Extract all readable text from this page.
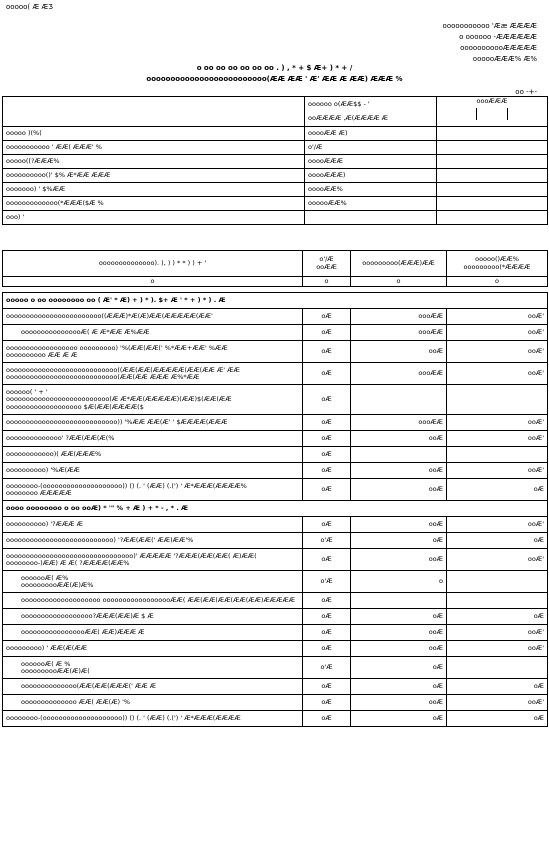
ооооо( Ӕ ӔӠ
ооооооооооо 'Ӕӕ ӔӔӔӔ
о оооооо -ӔӔӔӔӔӔ
ооооооооооӔӔӔӔӔ
оооооӔӔӔ% Ӕ%
о оо оо оо оо оо оо . ) , * + $ Ӕ+ ) * + /
ооооооооооооооооооооооооо(ӔӔ ӔӔ ' Ӕ' ӔӔ Ӕ ӔӔ) ӔӔӔ %
оо -+-

	оооооо о(ӔӔ$$ - '
ооӔӔӔӔ ,Ӕ(ӔӔӔӔ Ӕ	оооӔӔӔ

ооооо )(%(	ооооӔӔ Ӕ)	
ооооооооооо ' ӔӔ( ӔӔӔ' %	о'/Ӕ	
ооооо((?ӔӔӔ%	ооооӔӔӔ	
оооооооооо()' $% Ӕ*ӔӔ ӔӔӔ	ооооӔӔӔ)	
ооооооо) ' $%ӔӔ	ооооӔӔ%	
ооооооооооооо(*ӔӔӔ($Ӕ %	оооооӔӔ%	
ооо) '		
оооооооооооооо). ), ) ) * * ) ) + '	о'/Ӕ
ооӔӔ	ооооооооо(ӔӔӔ)ӔӔ	ооооо()ӔӔ%
ооооооооо(*ӔӔӔӔ
о	о	о	о

ооооо о оо оооооооо оо ( Ӕ' * Ӕ) + ) * ). $+ Ӕ ' * + ) * ) . Ӕ			
оооооооооооооооооооооооо((ӔӔӔ)*Ӕ(Ӕ)ӔӔ(ӔӔӔӔӔ(ӔӔ'	оӔ	оооӔӔ	ооӔ'
оооооооооооооооӔ( Ӕ Ӕ*ӔӔ Ӕ%ӔӔ	оӔ	оооӔӔ	ооӔ'
оооооооооооооооооо ооооооооо) '%(ӔӔ(ӔӔ(' %*ӔӔ+ӔӔ' %ӔӔ
оооооооооо ӔӔ Ӕ Ӕ	оӔ	ооӔ	ооӔ'
оооооооооооооооооооооооооооо((ӔӔ(ӔӔ(ӔӔӔӔӔ(ӔӔ(ӔӔ Ӕ' ӔӔ
оооооооооооооооооооооооооооо(ӔӔ(ӔӔ ӔӔӔ Ӕ%*ӔӔ	оӔ	оооӔӔ	ооӔ'
оооооо( ' + '
оооооооооооооооооооооооооо(Ӕ Ӕ*ӔӔ(ӔӔӔӔӔ)(ӔӔ)$(ӔӔ(ӔӔ
ооооооооооооооооооо $Ӕ(ӔӔ(ӔӔӔӔ($	оӔ		
оооооооооооооооооооооооооооо)) '%ӔӔ ӔӔ(Ӕ' ' $ӔӔӔӔ(ӔӔӔ	оӔ	оооӔӔ	ооӔ'
оооооооооооооо' ?ӔӔ(ӔӔ(Ӕ(%	оӔ	ооӔ	ооӔ'
оооооооооооо)( ӔӔ(ӔӔӔ%	оӔ		
оооооооооо) '%Ӕ(ӔӔ	оӔ	ооӔ	ооӔ'
оооооооо-(оооооооооооооооооооо)) () (. ' (ӔӔ) (.(') ' Ӕ*ӔӔӔ(ӔӔӔӔ%
оооооооо ӔӔӔӔӔ	оӔ	ооӔ	оӔ
оооо оооооооо о оо ооӔ) * '" % + Ӕ ) + * - , * . Ӕ			
оооооооооо) '?ӔӔӔ Ӕ	оӔ	ооӔ	ооӔ'
ооооооооооооооооооооооооооо) '?ӔӔ(ӔӔ(' ӔӔ)ӔӔ'%	о'Ӕ	оӔ	оӔ
оооооооооооооооооооооооооооооооо)' ӔӔӔӔӔ '?ӔӔӔ(ӔӔ(ӔӔ( Ӕ)ӔӔ(
оооооооо-)ӔӔ) Ӕ Ӕ( ?ӔӔӔӔ(ӔӔ%	оӔ	ооӔ	ооӔ'
ооооооӔ( Ӕ%
оооооооооӔӔ(Ӕ)Ӕ%	о'Ӕ	о	
оооооооооооооооооооо оооооооооооооооооӔӔ( ӔӔ(ӔӔ(ӔӔ(ӔӔ(ӔӔ)ӔӔӔӔӔ	оӔ		
оооооооооооооооооо?ӔӔӔ(ӔӔ)Ӕ $ Ӕ	оӔ	оӔ	оӔ
ооооооооооооооооӔӔ( ӔӔ)ӔӔӔ Ӕ	оӔ	ооӔ	ооӔ'
ооооооооо) ' ӔӔ(Ӕ(ӔӔ	оӔ	ооӔ	ооӔ'
ооооооӔ( Ӕ %
оооооооооӔӔ(Ӕ)Ӕ(	о'Ӕ	оӔ	
оооооооооооооо(ӔӔ(ӔӔ(ӔӔӔ(' ӔӔ Ӕ	оӔ	оӔ	оӔ
оооооооооооооо ӔӔ( ӔӔ(Ӕ) '%	оӔ	ооӔ	ооӔ'
оооооооо-(оооооооооооооооооооо)) () (. ' (ӔӔ) (.(') ' Ӕ*ӔӔӔ(ӔӔӔӔ	оӔ	оӔ	оӔ
